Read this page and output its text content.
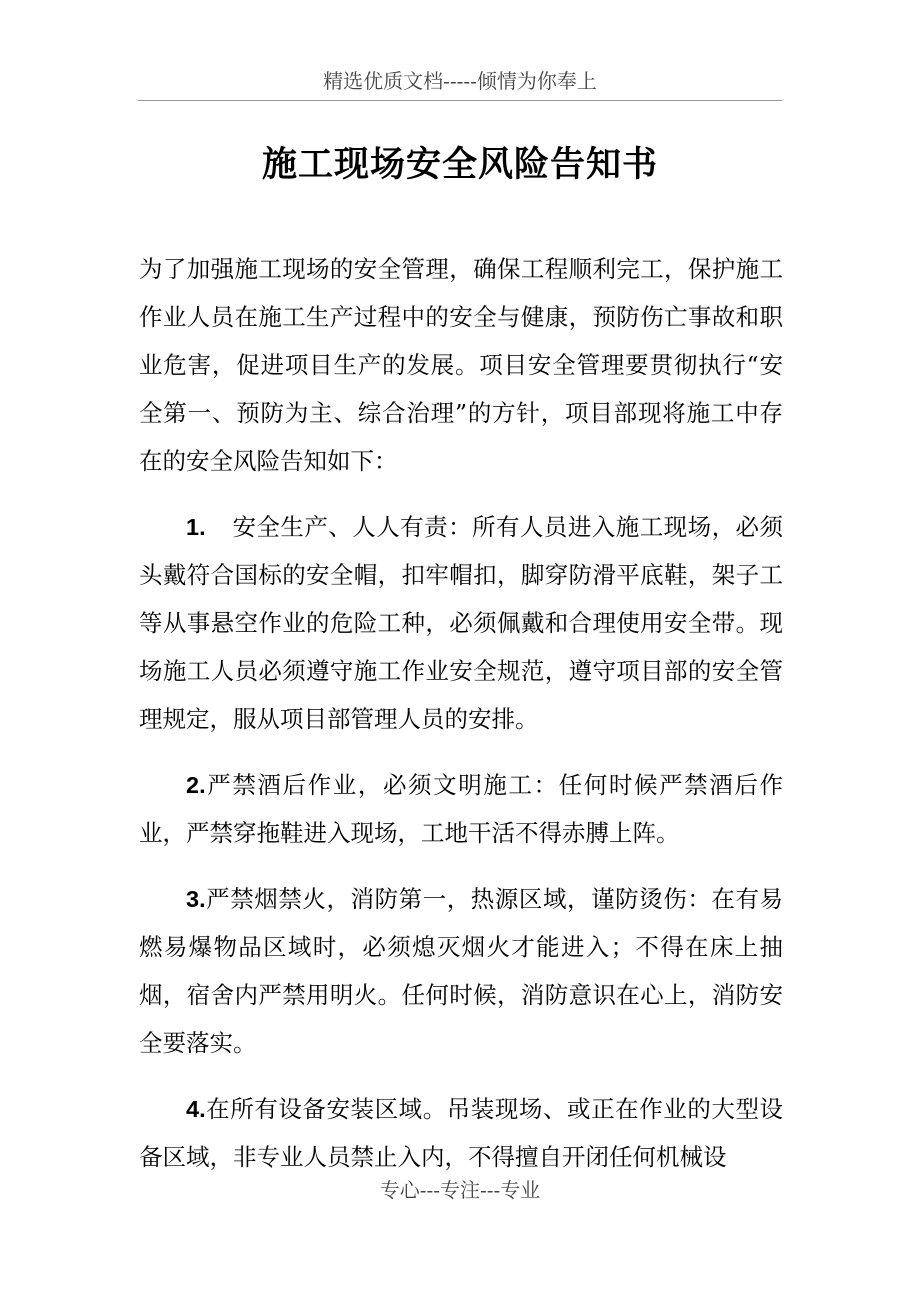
精选优质文档-----倾情为你奉上
施工现场安全风险告知书

为了加强施工现场的安全管理，确保工程顺利完工，保护施工作业人员在施工生产过程中的安全与健康，预防伤亡事故和职业危害，促进项目生产的发展。项目安全管理要贯彻执行“安全第一、预防为主、综合治理”的方针，项目部现将施工中存在的安全风险告知如下：

1. 安全生产、人人有责：所有人员进入施工现场，必须头戴符合国标的安全帽，扣牢帽扣，脚穿防滑平底鞋，架子工等从事悬空作业的危险工种，必须佩戴和合理使用安全带。现场施工人员必须遵守施工作业安全规范，遵守项目部的安全管理规定，服从项目部管理人员的安排。

2.严禁酒后作业，必须文明施工：任何时候严禁酒后作业，严禁穿拖鞋进入现场，工地干活不得赤膊上阵。

3.严禁烟禁火，消防第一，热源区域，谨防烫伤：在有易燃易爆物品区域时，必须熄灭烟火才能进入；不得在床上抽烟，宿舍内严禁用明火。任何时候，消防意识在心上，消防安全要落实。

4.在所有设备安装区域。吊装现场、或正在作业的大型设备区域，非专业人员禁止入内，不得擅自开闭任何机械设

专心---专注---专业
